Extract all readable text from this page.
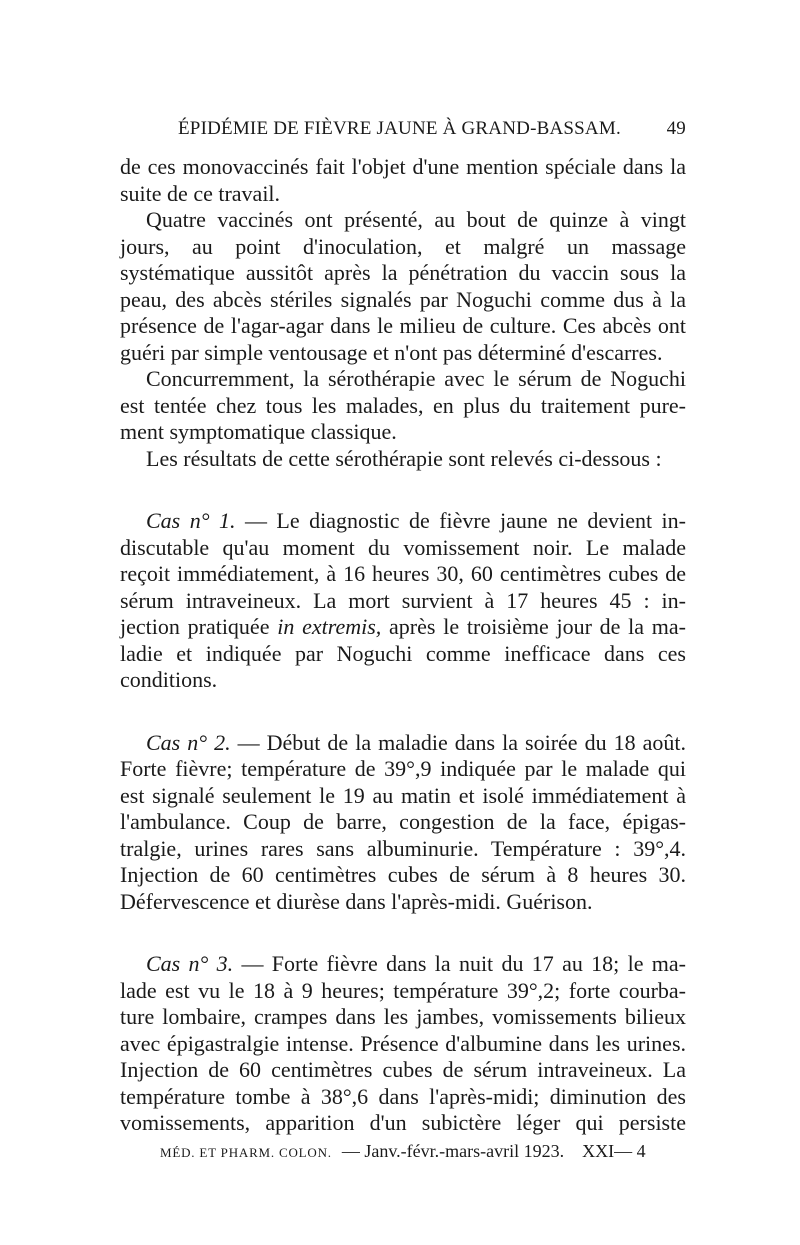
ÉPIDÉMIE DE FIÈVRE JAUNE À GRAND-BASSAM. 49

de ces monovaccinés fait l'objet d'une mention spéciale dans la suite de ce travail.

Quatre vaccinés ont présenté, au bout de quinze à vingt jours, au point d'inoculation, et malgré un massage systématique aussitôt après la pénétration du vaccin sous la peau, des abcès stériles signalés par Noguchi comme dus à la présence de l'agar-agar dans le milieu de culture. Ces abcès ont guéri par simple ventousage et n'ont pas déterminé d'escarres.

Concurremment, la sérothérapie avec le sérum de Noguchi est tentée chez tous les malades, en plus du traitement pure- ment symptomatique classique.

Les résultats de cette sérothérapie sont relevés ci-dessous :

Cas n° 1. — Le diagnostic de fièvre jaune ne devient in- discutable qu'au moment du vomissement noir. Le malade reçoit immédiatement, à 16 heures 30, 60 centimètres cubes de sérum intraveineux. La mort survient à 17 heures 45 : in- jection pratiquée in extremis, après le troisième jour de la ma- ladie et indiquée par Noguchi comme inefficace dans ces conditions.

Cas n° 2. — Début de la maladie dans la soirée du 18 août. Forte fièvre; température de 39°,9 indiquée par le malade qui est signalé seulement le 19 au matin et isolé immédiatement à l'ambulance. Coup de barre, congestion de la face, épigas- tralgie, urines rares sans albuminurie. Température : 39°,4. Injection de 60 centimètres cubes de sérum à 8 heures 30. Défervescence et diurèse dans l'après-midi. Guérison.

Cas n° 3. — Forte fièvre dans la nuit du 17 au 18; le ma- lade est vu le 18 à 9 heures; température 39°,2; forte courba- ture lombaire, crampes dans les jambes, vomissements bilieux avec épigastralgie intense. Présence d'albumine dans les urines. Injection de 60 centimètres cubes de sérum intraveineux. La température tombe à 38°,6 dans l'après-midi; diminution des vomissements, apparition d'un subictère léger qui persiste

MÉD. ET PHARM. COLON. — Janv.-févr.-mars-avril 1923. XXI— 4
